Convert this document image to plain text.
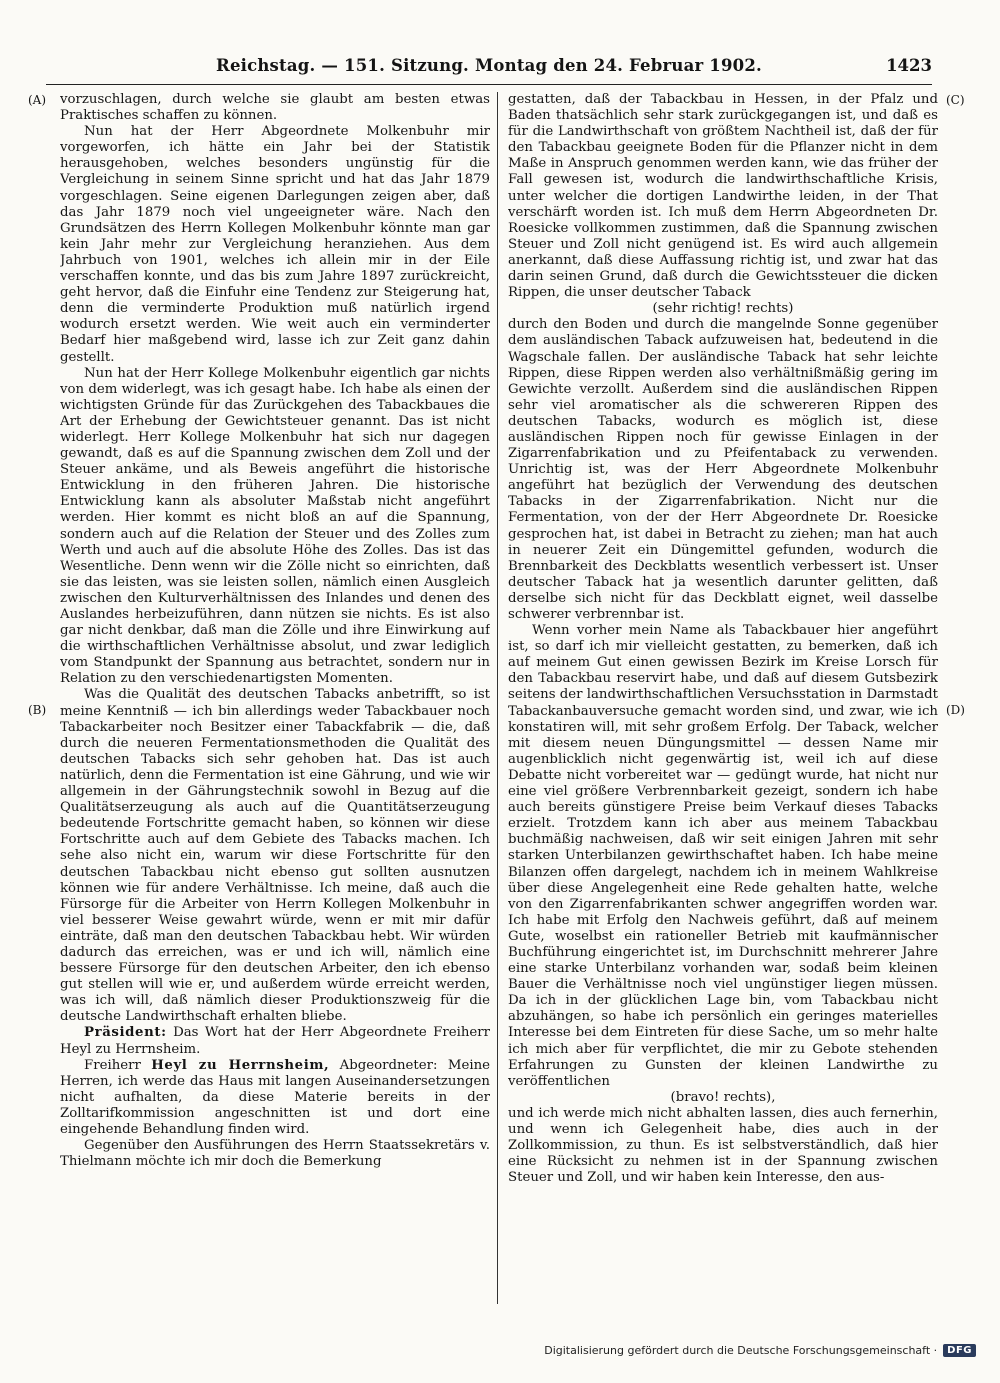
Reichstag. — 151. Sitzung. Montag den 24. Februar 1902.	1423
(A)
(B)
(C)
(D)

vorzuschlagen, durch welche sie glaubt am besten etwas Praktisches schaffen zu können.

Nun hat der Herr Abgeordnete Molkenbuhr mir vorgeworfen, ich hätte ein Jahr bei der Statistik herausgehoben, welches besonders ungünstig für die Vergleichung in seinem Sinne spricht und hat das Jahr 1879 vorgeschlagen. Seine eigenen Darlegungen zeigen aber, daß das Jahr 1879 noch viel ungeeigneter wäre. Nach den Grundsätzen des Herrn Kollegen Molkenbuhr könnte man gar kein Jahr mehr zur Vergleichung heranziehen. Aus dem Jahrbuch von 1901, welches ich allein mir in der Eile verschaffen konnte, und das bis zum Jahre 1897 zurückreicht, geht hervor, daß die Einfuhr eine Tendenz zur Steigerung hat, denn die verminderte Produktion muß natürlich irgend wodurch ersetzt werden. Wie weit auch ein verminderter Bedarf hier maßgebend wird, lasse ich zur Zeit ganz dahin gestellt.

Nun hat der Herr Kollege Molkenbuhr eigentlich gar nichts von dem widerlegt, was ich gesagt habe. Ich habe als einen der wichtigsten Gründe für das Zurückgehen des Tabackbaues die Art der Erhebung der Gewichtsteuer genannt. Das ist nicht widerlegt. Herr Kollege Molkenbuhr hat sich nur dagegen gewandt, daß es auf die Spannung zwischen dem Zoll und der Steuer ankäme, und als Beweis angeführt die historische Entwicklung in den früheren Jahren. Die historische Entwicklung kann als absoluter Maßstab nicht angeführt werden. Hier kommt es nicht bloß an auf die Spannung, sondern auch auf die Relation der Steuer und des Zolles zum Werth und auch auf die absolute Höhe des Zolles. Das ist das Wesentliche. Denn wenn wir die Zölle nicht so einrichten, daß sie das leisten, was sie leisten sollen, nämlich einen Ausgleich zwischen den Kulturverhältnissen des Inlandes und denen des Auslandes herbeizuführen, dann nützen sie nichts. Es ist also gar nicht denkbar, daß man die Zölle und ihre Einwirkung auf die wirthschaftlichen Verhältnisse absolut, und zwar lediglich vom Standpunkt der Spannung aus betrachtet, sondern nur in Relation zu den verschiedenartigsten Momenten.

Was die Qualität des deutschen Tabacks anbetrifft, so ist meine Kenntniß — ich bin allerdings weder Tabackbauer noch Tabackarbeiter noch Besitzer einer Tabackfabrik — die, daß durch die neueren Fermentationsmethoden die Qualität des deutschen Tabacks sich sehr gehoben hat. Das ist auch natürlich, denn die Fermentation ist eine Gährung, und wie wir allgemein in der Gährungstechnik sowohl in Bezug auf die Qualitätserzeugung als auch auf die Quantitätserzeugung bedeutende Fortschritte gemacht haben, so können wir diese Fortschritte auch auf dem Gebiete des Tabacks machen. Ich sehe also nicht ein, warum wir diese Fortschritte für den deutschen Tabackbau nicht ebenso gut sollten ausnutzen können wie für andere Verhältnisse. Ich meine, daß auch die Fürsorge für die Arbeiter von Herrn Kollegen Molkenbuhr in viel besserer Weise gewahrt würde, wenn er mit mir dafür einträte, daß man den deutschen Tabackbau hebt. Wir würden dadurch das erreichen, was er und ich will, nämlich eine bessere Fürsorge für den deutschen Arbeiter, den ich ebenso gut stellen will wie er, und außerdem würde erreicht werden, was ich will, daß nämlich dieser Produktionszweig für die deutsche Landwirthschaft erhalten bliebe.

Präsident: Das Wort hat der Herr Abgeordnete Freiherr Heyl zu Herrnsheim.

Freiherr Heyl zu Herrnsheim, Abgeordneter: Meine Herren, ich werde das Haus mit langen Auseinandersetzungen nicht aufhalten, da diese Materie bereits in der Zolltarifkommission angeschnitten ist und dort eine eingehende Behandlung finden wird.

Gegenüber den Ausführungen des Herrn Staatssekretärs v. Thielmann möchte ich mir doch die Bemerkung

gestatten, daß der Tabackbau in Hessen, in der Pfalz und Baden thatsächlich sehr stark zurückgegangen ist, und daß es für die Landwirthschaft von größtem Nachtheil ist, daß der für den Tabackbau geeignete Boden für die Pflanzer nicht in dem Maße in Anspruch genommen werden kann, wie das früher der Fall gewesen ist, wodurch die landwirthschaftliche Krisis, unter welcher die dortigen Landwirthe leiden, in der That verschärft worden ist. Ich muß dem Herrn Abgeordneten Dr. Roesicke vollkommen zustimmen, daß die Spannung zwischen Steuer und Zoll nicht genügend ist. Es wird auch allgemein anerkannt, daß diese Auffassung richtig ist, und zwar hat das darin seinen Grund, daß durch die Gewichtssteuer die dicken Rippen, die unser deutscher Taback

(sehr richtig! rechts)

durch den Boden und durch die mangelnde Sonne gegenüber dem ausländischen Taback aufzuweisen hat, bedeutend in die Wagschale fallen. Der ausländische Taback hat sehr leichte Rippen, diese Rippen werden also verhältnißmäßig gering im Gewichte verzollt. Außerdem sind die ausländischen Rippen sehr viel aromatischer als die schwereren Rippen des deutschen Tabacks, wodurch es möglich ist, diese ausländischen Rippen noch für gewisse Einlagen in der Zigarrenfabrikation und zu Pfeifentaback zu verwenden. Unrichtig ist, was der Herr Abgeordnete Molkenbuhr angeführt hat bezüglich der Verwendung des deutschen Tabacks in der Zigarrenfabrikation. Nicht nur die Fermentation, von der der Herr Abgeordnete Dr. Roesicke gesprochen hat, ist dabei in Betracht zu ziehen; man hat auch in neuerer Zeit ein Düngemittel gefunden, wodurch die Brennbarkeit des Deckblatts wesentlich verbessert ist. Unser deutscher Taback hat ja wesentlich darunter gelitten, daß derselbe sich nicht für das Deckblatt eignet, weil dasselbe schwerer verbrennbar ist.

Wenn vorher mein Name als Tabackbauer hier angeführt ist, so darf ich mir vielleicht gestatten, zu bemerken, daß ich auf meinem Gut einen gewissen Bezirk im Kreise Lorsch für den Tabackbau reservirt habe, und daß auf diesem Gutsbezirk seitens der landwirthschaftlichen Versuchsstation in Darmstadt Tabackanbauversuche gemacht worden sind, und zwar, wie ich konstatiren will, mit sehr großem Erfolg. Der Taback, welcher mit diesem neuen Düngungsmittel — dessen Name mir augenblicklich nicht gegenwärtig ist, weil ich auf diese Debatte nicht vorbereitet war — gedüngt wurde, hat nicht nur eine viel größere Verbrennbarkeit gezeigt, sondern ich habe auch bereits günstigere Preise beim Verkauf dieses Tabacks erzielt. Trotzdem kann ich aber aus meinem Tabackbau buchmäßig nachweisen, daß wir seit einigen Jahren mit sehr starken Unterbilanzen gewirthschaftet haben. Ich habe meine Bilanzen offen dargelegt, nachdem ich in meinem Wahlkreise über diese Angelegenheit eine Rede gehalten hatte, welche von den Zigarrenfabrikanten schwer angegriffen worden war. Ich habe mit Erfolg den Nachweis geführt, daß auf meinem Gute, woselbst ein rationeller Betrieb mit kaufmännischer Buchführung eingerichtet ist, im Durchschnitt mehrerer Jahre eine starke Unterbilanz vorhanden war, sodaß beim kleinen Bauer die Verhältnisse noch viel ungünstiger liegen müssen. Da ich in der glücklichen Lage bin, vom Tabackbau nicht abzuhängen, so habe ich persönlich ein geringes materielles Interesse bei dem Eintreten für diese Sache, um so mehr halte ich mich aber für verpflichtet, die mir zu Gebote stehenden Erfahrungen zu Gunsten der kleinen Landwirthe zu veröffentlichen

(bravo! rechts),

und ich werde mich nicht abhalten lassen, dies auch fernerhin, und wenn ich Gelegenheit habe, dies auch in der Zollkommission, zu thun. Es ist selbstverständlich, daß hier eine Rücksicht zu nehmen ist in der Spannung zwischen Steuer und Zoll, und wir haben kein Interesse, den aus-

Digitalisierung gefördert durch die Deutsche Forschungsgemeinschaft ·	DFG
